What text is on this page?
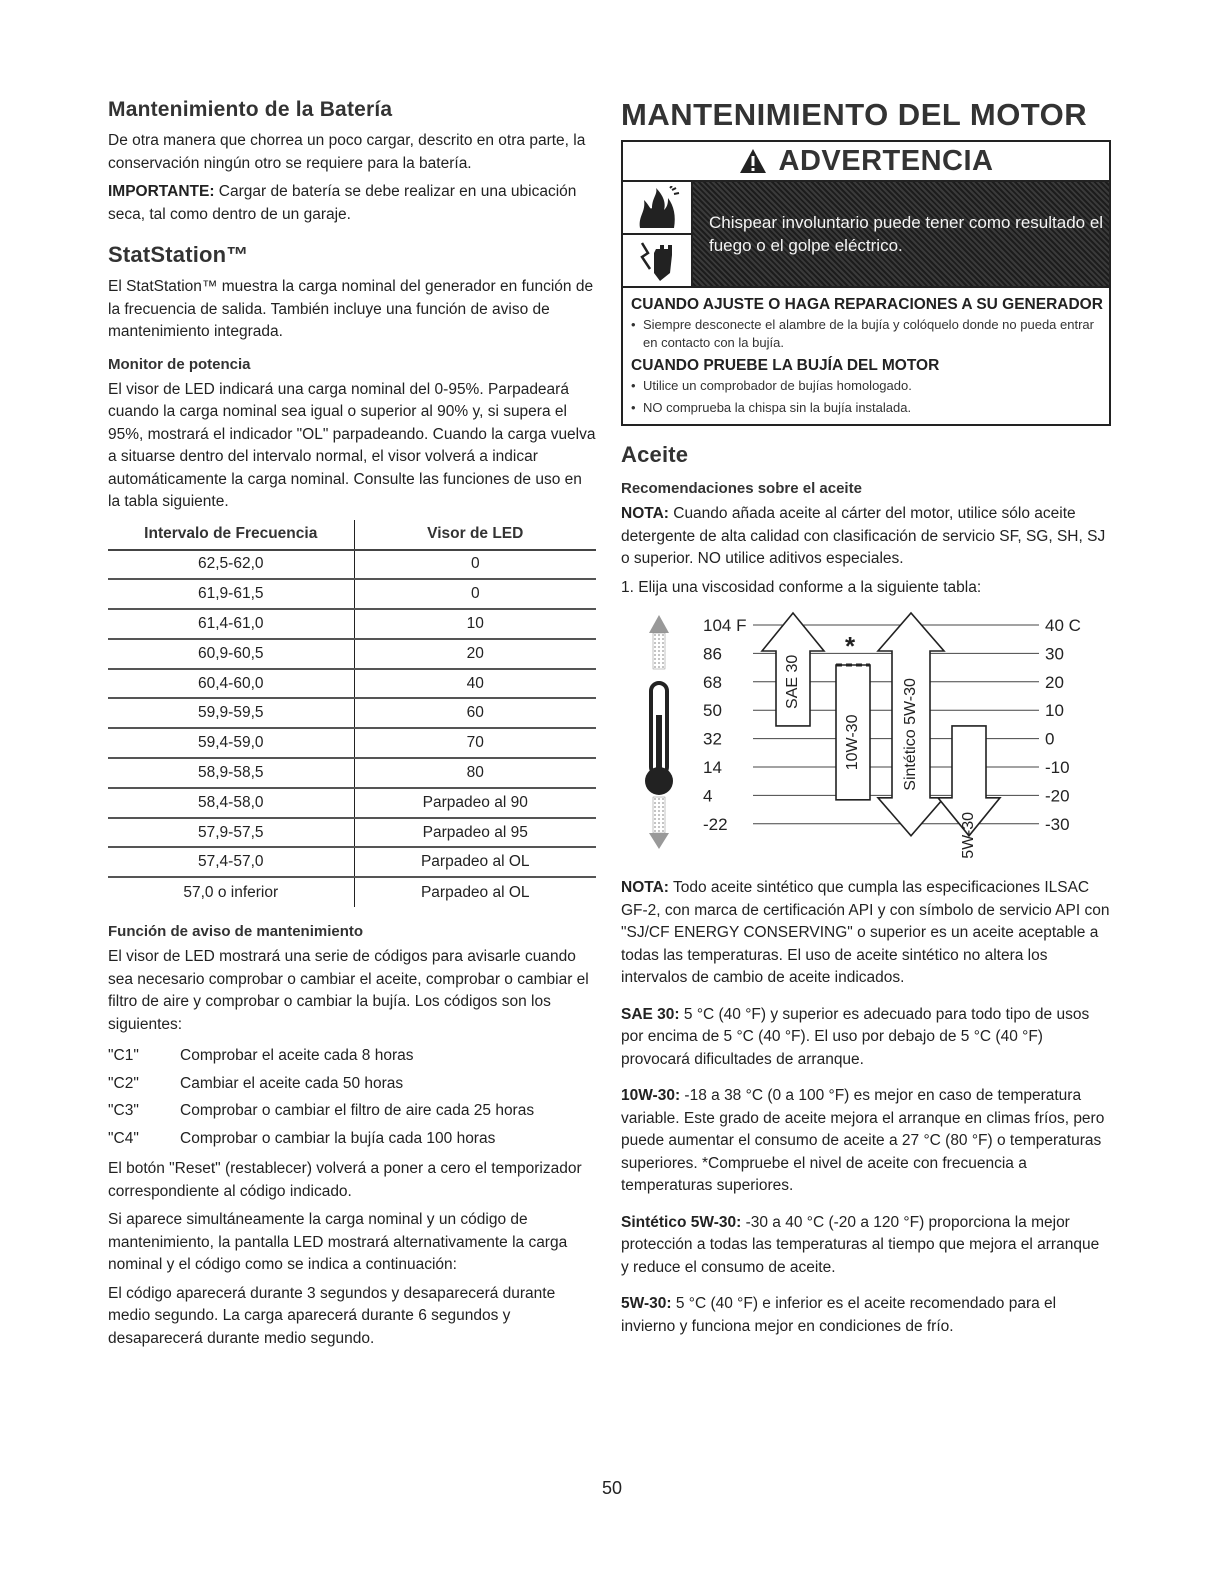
Mantenimiento de la Batería

De otra manera que chorrea un poco cargar, descrito en otra parte, la conservación ningún otro se requiere para la batería.

IMPORTANTE: Cargar de batería se debe realizar en una ubicación seca, tal como dentro de un garaje.

StatStation™

El StatStation™ muestra la carga nominal del generador en función de la frecuencia de salida. También incluye una función de aviso de mantenimiento integrada.

Monitor de potencia

El visor de LED indicará una carga nominal del 0-95%. Parpadeará cuando la carga nominal sea igual o superior al 90% y, si supera el 95%, mostrará el indicador "OL" parpadeando. Cuando la carga vuelva a situarse dentro del intervalo normal, el visor volverá a indicar automáticamente la carga nominal. Consulte las funciones de uso en la tabla siguiente.

Intervalo de Frecuencia	Visor de LED
62,5-62,0	0
61,9-61,5	0
61,4-61,0	10
60,9-60,5	20
60,4-60,0	40
59,9-59,5	60
59,4-59,0	70
58,9-58,5	80
58,4-58,0	Parpadeo al 90
57,9-57,5	Parpadeo al 95
57,4-57,0	Parpadeo al OL
57,0 o inferior	Parpadeo al OL
Función de aviso de mantenimiento

El visor de LED mostrará una serie de códigos para avisarle cuando sea necesario comprobar o cambiar el aceite, comprobar o cambiar el filtro de aire y comprobar o cambiar la bujía. Los códigos son los siguientes:

"C1"	Comprobar el aceite cada 8 horas
"C2"	Cambiar el aceite cada 50 horas
"C3"	Comprobar o cambiar el filtro de aire cada 25 horas
"C4"	Comprobar o cambiar la bujía cada 100 horas

El botón "Reset" (restablecer) volverá a poner a cero el temporizador correspondiente al código indicado.

Si aparece simultáneamente la carga nominal y un código de mantenimiento, la pantalla LED mostrará alternativamente la carga nominal y el código como se indica a continuación:

El código aparecerá durante 3 segundos y desaparecerá durante medio segundo. La carga aparecerá durante 6 segundos y desaparecerá durante medio segundo.

MANTENIMIENTO DEL MOTOR
ADVERTENCIA
Chispear involuntario puede tener como resultado el fuego o el golpe eléctrico.
CUANDO AJUSTE O HAGA REPARACIONES A SU GENERADOR
• Siempre desconecte el alambre de la bujía y colóquelo donde no pueda entrar en contacto con la bujía.
CUANDO PRUEBE LA BUJÍA DEL MOTOR
• Utilice un comprobador de bujías homologado.
• NO comprueba la chispa sin la bujía instalada.
Aceite
Recomendaciones sobre el aceite

NOTA: Cuando añada aceite al cárter del motor, utilice sólo aceite detergente de alta calidad con clasificación de servicio SF, SG, SH, SJ o superior. NO utilice aditivos especiales.

1. Elija una viscosidad conforme a la siguiente tabla:

SAE 30
*
10W-30	Sintético 5W-30
5W-30
104 F
86
68
50
32
14
4
-22
40 C
30
20
10
0
-10
-20
-30

NOTA: Todo aceite sintético que cumpla las especificaciones ILSAC GF-2, con marca de certificación API y con símbolo de servicio API con "SJ/CF ENERGY CONSERVING" o superior es un aceite aceptable a todas las temperaturas. El uso de aceite sintético no altera los intervalos de cambio de aceite indicados.

SAE 30: 5 °C (40 °F) y superior es adecuado para todo tipo de usos por encima de 5 °C (40 °F). El uso por debajo de 5 °C (40 °F) provocará dificultades de arranque.

10W-30: -18 a 38 °C (0 a 100 °F) es mejor en caso de temperatura variable. Este grado de aceite mejora el arranque en climas fríos, pero puede aumentar el consumo de aceite a 27 °C (80 °F) o temperaturas superiores. *Compruebe el nivel de aceite con frecuencia a temperaturas superiores.

Sintético 5W-30: -30 a 40 °C (-20 a 120 °F) proporciona la mejor protección a todas las temperaturas al tiempo que mejora el arranque y reduce el consumo de aceite.

5W-30: 5 °C (40 °F) e inferior es el aceite recomendado para el invierno y funciona mejor en condiciones de frío.

50
